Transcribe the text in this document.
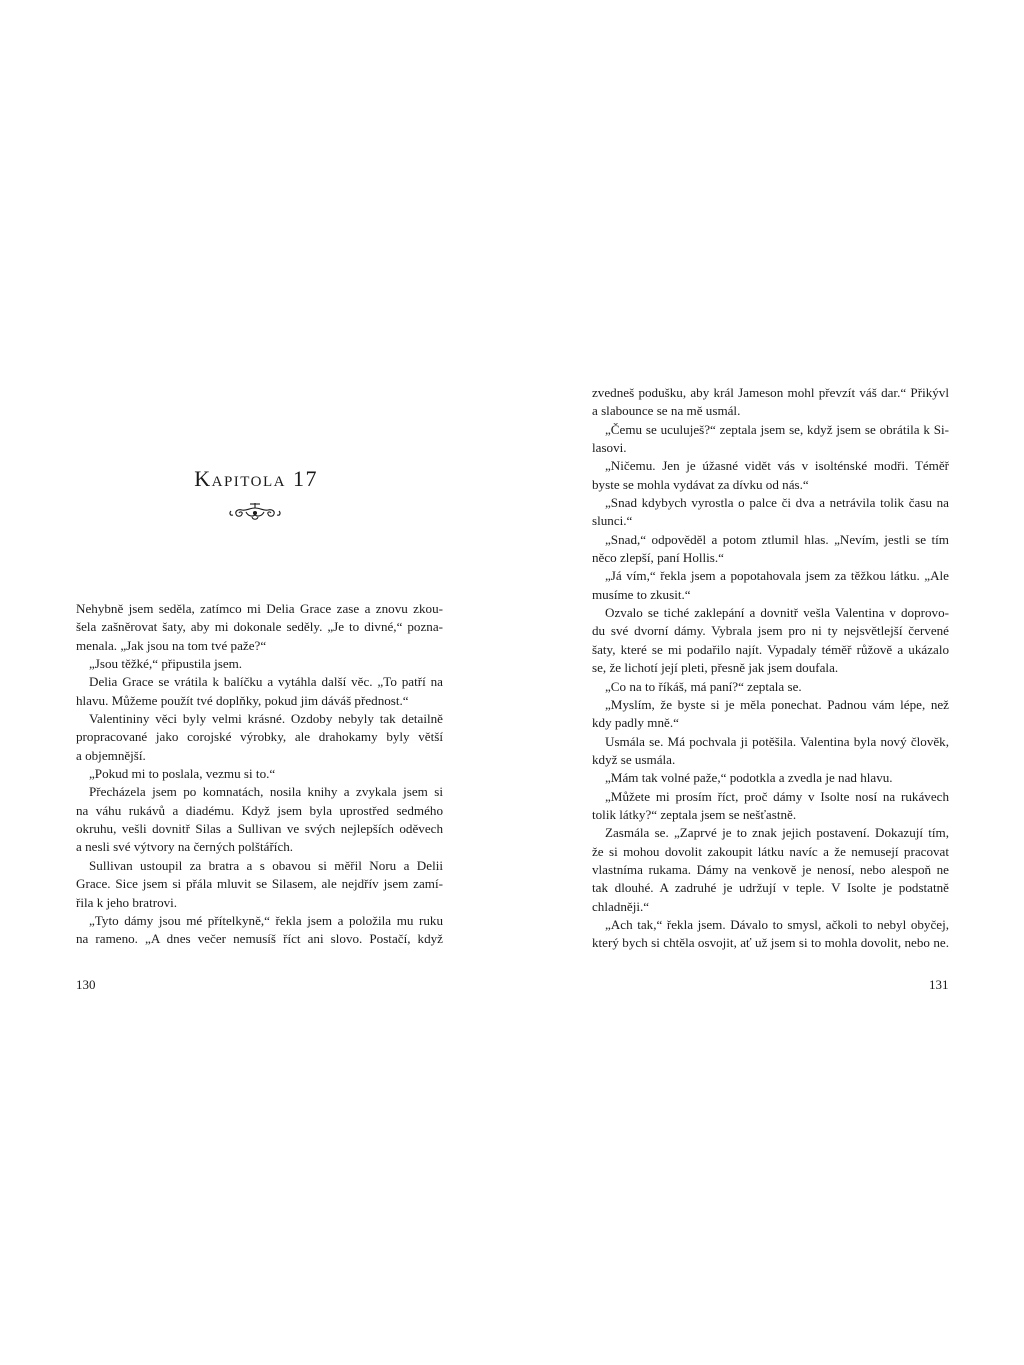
Kapitola 17
Nehybně jsem seděla, zatímco mi Delia Grace zase a znovu zkou-
šela zašněrovat šaty, aby mi dokonale seděly. „Je to divné,“ pozna-
menala. „Jak jsou na tom tvé paže?“
„Jsou těžké,“ připustila jsem.
Delia Grace se vrátila k balíčku a vytáhla další věc. „To patří na
hlavu. Můžeme použít tvé doplňky, pokud jim dáváš přednost.“
Valentininy věci byly velmi krásné. Ozdoby nebyly tak detailně
propracované jako corojské výrobky, ale drahokamy byly větší
a objemnější.
„Pokud mi to poslala, vezmu si to.“
Přecházela jsem po komnatách, nosila knihy a zvykala jsem si
na váhu rukávů a diadému. Když jsem byla uprostřed sedmého
okruhu, vešli dovnitř Silas a Sullivan ve svých nejlepších oděvech
a nesli své výtvory na černých polštářích.
Sullivan ustoupil za bratra a s obavou si měřil Noru a Delii
Grace. Sice jsem si přála mluvit se Silasem, ale nejdřív jsem zamí-
řila k jeho bratrovi.
„Tyto dámy jsou mé přítelkyně,“ řekla jsem a položila mu ruku
na rameno. „A dnes večer nemusíš říct ani slovo. Postačí, když
130
zvedneš podušku, aby král Jameson mohl převzít váš dar.“ Přikývl
a slabounce se na mě usmál.
„Čemu se uculuješ?“ zeptala jsem se, když jsem se obrátila k Si-
lasovi.
„Ničemu. Jen je úžasné vidět vás v isolténské modři. Téměř
byste se mohla vydávat za dívku od nás.“
„Snad kdybych vyrostla o palce či dva a netrávila tolik času na
slunci.“
„Snad,“ odpověděl a potom ztlumil hlas. „Nevím, jestli se tím
něco zlepší, paní Hollis.“
„Já vím,“ řekla jsem a popotahovala jsem za těžkou látku. „Ale
musíme to zkusit.“
Ozvalo se tiché zaklepání a dovnitř vešla Valentina v doprovo-
du své dvorní dámy. Vybrala jsem pro ni ty nejsvětlejší červené
šaty, které se mi podařilo najít. Vypadaly téměř růžově a ukázalo
se, že lichotí její pleti, přesně jak jsem doufala.
„Co na to říkáš, má paní?“ zeptala se.
„Myslím, že byste si je měla ponechat. Padnou vám lépe, než
kdy padly mně.“
Usmála se. Má pochvala ji potěšila. Valentina byla nový člověk,
když se usmála.
„Mám tak volné paže,“ podotkla a zvedla je nad hlavu.
„Můžete mi prosím říct, proč dámy v Isolte nosí na rukávech
tolik látky?“ zeptala jsem se nešťastně.
Zasmála se. „Zaprvé je to znak jejich postavení. Dokazují tím,
že si mohou dovolit zakoupit látku navíc a že nemusejí pracovat
vlastníma rukama. Dámy na venkově je nenosí, nebo alespoň ne
tak dlouhé. A zadruhé je udržují v teple. V Isolte je podstatně
chladněji.“
„Ach tak,“ řekla jsem. Dávalo to smysl, ačkoli to nebyl obyčej,
který bych si chtěla osvojit, ať už jsem si to mohla dovolit, nebo ne.
131
